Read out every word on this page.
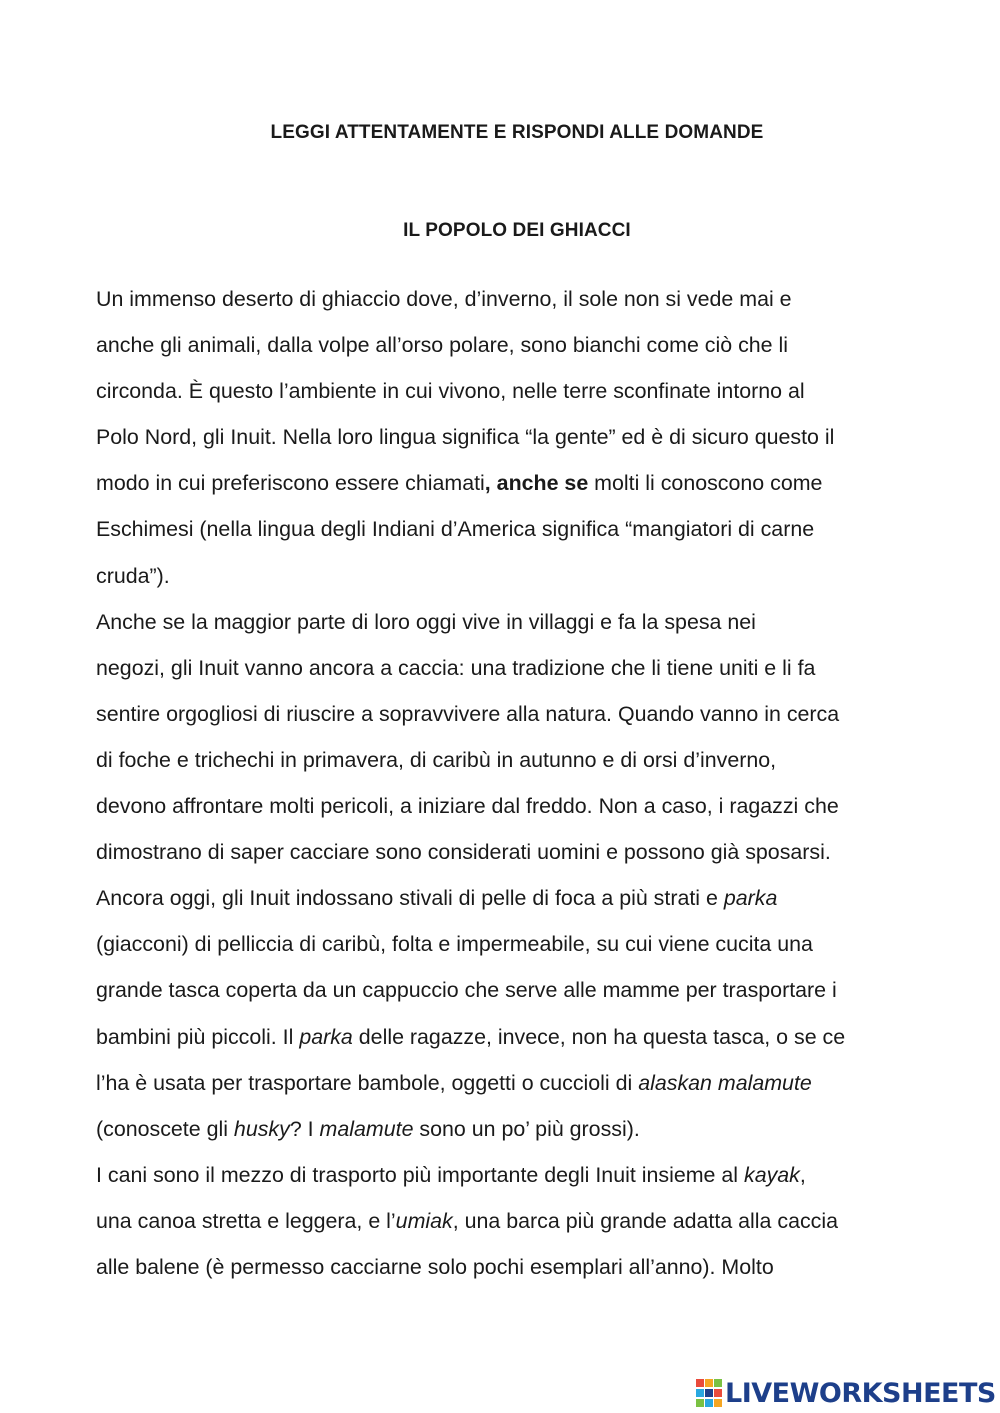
LEGGI ATTENTAMENTE E RISPONDI ALLE DOMANDE
IL POPOLO DEI GHIACCI
Un immenso deserto di ghiaccio dove, d’inverno, il sole non si vede mai e
anche gli animali, dalla volpe all’orso polare, sono bianchi come ciò che li
circonda. È questo l’ambiente in cui vivono, nelle terre sconfinate intorno al
Polo Nord, gli Inuit. Nella loro lingua significa “la gente” ed è di sicuro questo il
modo in cui preferiscono essere chiamati, anche se molti li conoscono come
Eschimesi (nella lingua degli Indiani d’America significa “mangiatori di carne
cruda”).
Anche se la maggior parte di loro oggi vive in villaggi e fa la spesa nei
negozi, gli Inuit vanno ancora a caccia: una tradizione che li tiene uniti e li fa
sentire orgogliosi di riuscire a sopravvivere alla natura. Quando vanno in cerca
di foche e trichechi in primavera, di caribù in autunno e di orsi d’inverno,
devono affrontare molti pericoli, a iniziare dal freddo. Non a caso, i ragazzi che
dimostrano di saper cacciare sono considerati uomini e possono già sposarsi.
Ancora oggi, gli Inuit indossano stivali di pelle di foca a più strati e parka
(giacconi) di pelliccia di caribù, folta e impermeabile, su cui viene cucita una
grande tasca coperta da un cappuccio che serve alle mamme per trasportare i
bambini più piccoli. Il parka delle ragazze, invece, non ha questa tasca, o se ce
l’ha è usata per trasportare bambole, oggetti o cuccioli di alaskan malamute
(conoscete gli husky? I malamute sono un po’ più grossi).
I cani sono il mezzo di trasporto più importante degli Inuit insieme al kayak,
una canoa stretta e leggera, e l’umiak, una barca più grande adatta alla caccia
alle balene (è permesso cacciarne solo pochi esemplari all’anno). Molto
LIVEWORKSHEETS
